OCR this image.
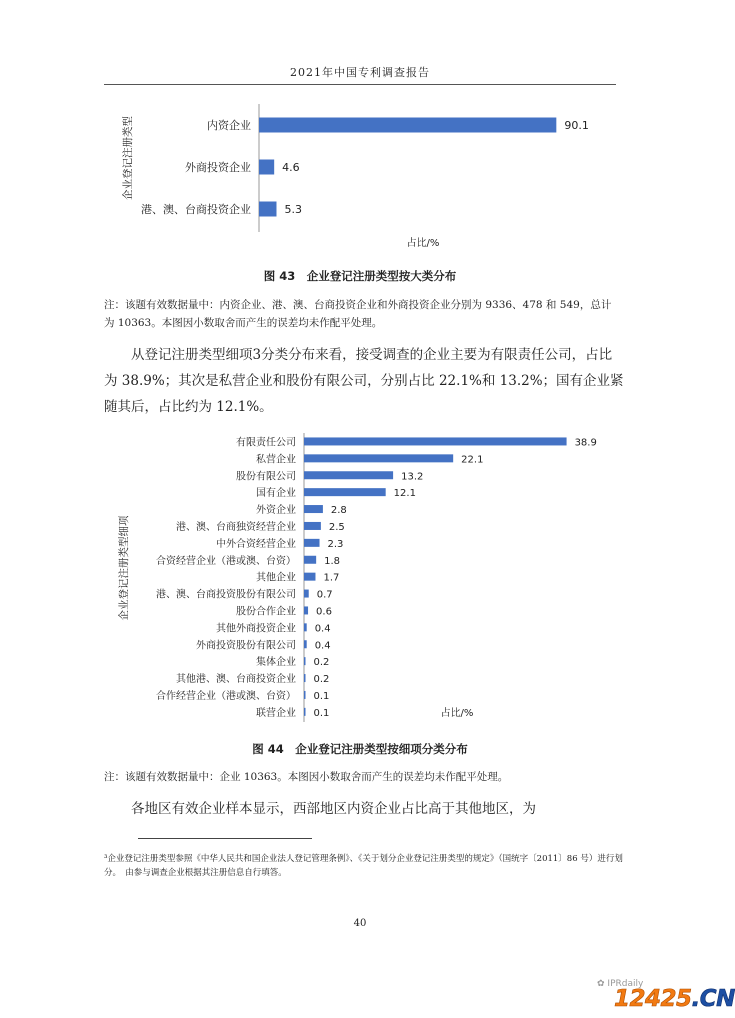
2021年中国专利调查报告
内资企业	90.1
外商投资企业	4.6
港、澳、台商投资企业	5.3
企业登记注册类型
占比/%
有限责任公司	38.9
私营企业	22.1
股份有限公司	13.2
国有企业	12.1
外资企业	2.8
港、澳、台商独资经营企业	2.5
中外合资经营企业	2.3
合资经营企业（港或澳、台资）	1.8
其他企业	1.7
港、澳、台商投资股份有限公司 0.7
股份合作企业 0.6
其他外商投资企业 0.4
外商投资股份有限公司 0.4
集体企业 0.2
其他港、澳、台商投资企业 0.2
合作经营企业（港或澳、台资） 0.1
联营企业 0.1
企业登记注册类型细项
占比/%
图 43　企业登记注册类型按大类分布
注：该题有效数据量中：内资企业、港、澳、台商投资企业和外商投资企业分别为 9336、478 和 549，总计为 10363。本图因小数取舍而产生的误差均未作配平处理。
从登记注册类型细项3分类分布来看，接受调查的企业主要为有限责任公司，占比为 38.9%；其次是私营企业和股份有限公司，分别占比 22.1%和 13.2%；国有企业紧随其后，占比约为 12.1%。
图 44　企业登记注册类型按细项分类分布
注：该题有效数据量中：企业 10363。本图因小数取舍而产生的误差均未作配平处理。
各地区有效企业样本显示，西部地区内资企业占比高于其他地区，为
³企业登记注册类型参照《中华人民共和国企业法人登记管理条例》、《关于划分企业登记注册类型的规定》（国统字〔2011〕86 号）进行划分。　由参与调查企业根据其注册信息自行填答。
40
✿ IPRdaily
12425.CN
